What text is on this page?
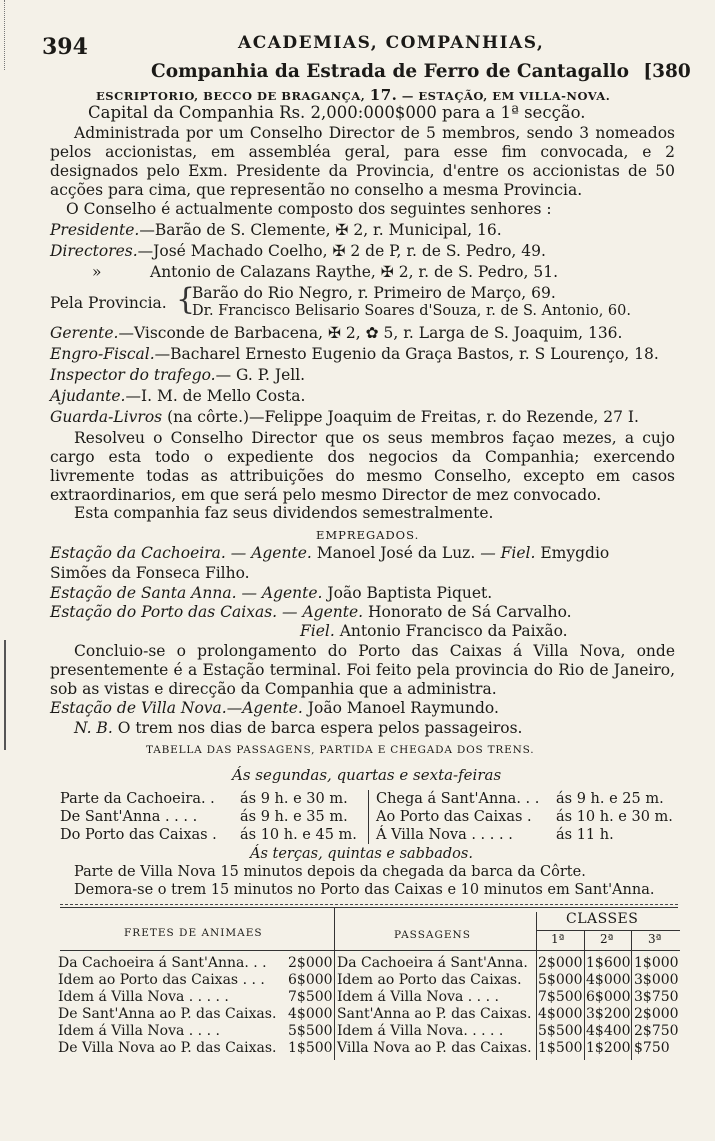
394	ACADEMIAS, COMPANHIAS,
Companhia da Estrada de Ferro de Cantagallo [380
ESCRIPTORIO, BECCO DE BRAGANÇA, 17. — ESTAÇÃO, EM VILLA-NOVA.
Capital da Companhia Rs. 2,000:000$000 para a 1ª secção.
Administrada por um Conselho Director de 5 membros, sendo 3 nomeados pelos accionistas, em assembléa geral, para esse fim convocada, e 2 designados pelo Exm. Presidente da Provincia, d'entre os accionistas de 50 acções para cima, que representão no conselho a mesma Provincia.
O Conselho é actualmente composto dos seguintes senhores :
Presidente.—Barão de S. Clemente, ✠ 2, r. Municipal, 16.
Directores.—José Machado Coelho, ✠ 2 de P, r. de S. Pedro, 49.
»	Antonio de Calazans Raythe, ✠ 2, r. de S. Pedro, 51.
Pela Provincia. {
Barão do Rio Negro, r. Primeiro de Março, 69.
Dr. Francisco Belisario Soares d'Souza, r. de S. Antonio, 60.
Gerente.—Visconde de Barbacena, ✠ 2, ✿ 5, r. Larga de S. Joaquim, 136.
Engro-Fiscal.—Bacharel Ernesto Eugenio da Graça Bastos, r. S Lourenço, 18.
Inspector do trafego.— G. P. Jell.
Ajudante.—I. M. de Mello Costa.
Guarda-Livros (na côrte.)—Felippe Joaquim de Freitas, r. do Rezende, 27 I.
Resolveu o Conselho Director que os seus membros façao mezes, a cujo cargo esta todo o expediente dos negocios da Companhia; exercendo livremente todas as attribuições do mesmo Conselho, excepto em casos extraordinarios, em que será pelo mesmo Director de mez convocado.
Esta companhia faz seus dividendos semestralmente.
EMPREGADOS.
Estação da Cachoeira. — Agente. Manoel José da Luz. — Fiel. Emygdio
Simões da Fonseca Filho.
Estação de Santa Anna. — Agente. João Baptista Piquet.
Estação do Porto das Caixas. — Agente. Honorato de Sá Carvalho.
Fiel. Antonio Francisco da Paixão.
Concluio-se o prolongamento do Porto das Caixas á Villa Nova, onde presentemente é a Estação terminal. Foi feito pela provincia do Rio de Janeiro, sob as vistas e direcção da Companhia que a administra.
Estação de Villa Nova.—Agente. João Manoel Raymundo.
N. B. O trem nos dias de barca espera pelos passageiros.
TABELLA DAS PASSAGENS, PARTIDA E CHEGADA DOS TRENS.
Ás segundas, quartas e sexta-feiras
Parte da Cachoeira. . ás 9 h. e 30 m. Chega á Sant'Anna. . . ás 9 h. e 25 m.
De Sant'Anna . . . .	ás 9 h. e 35 m. Ao Porto das Caixas . ás 10 h. e 30 m.
Do Porto das Caixas . ás 10 h. e 45 m. Á Villa Nova . . . . .	ás 11 h.
Ás terças, quintas e sabbados.
Parte de Villa Nova 15 minutos depois da chegada da barca da Côrte.
Demora-se o trem 15 minutos no Porto das Caixas e 10 minutos em Sant'Anna.
FRETES DE ANIMAES	PASSAGENS
CLASSES
1ª	2ª	3ª
Da Cachoeira á Sant'Anna. . . 2$000 Da Cachoeira á Sant'Anna. 2$000 1$600 1$000
Idem ao Porto das Caixas . . . 6$000 Idem ao Porto das Caixas. 5$000 4$000 3$000
Idem á Villa Nova . . . . .	7$500 Idem á Villa Nova . . . .	7$500 6$000 3$750
De Sant'Anna ao P. das Caixas. 4$000 Sant'Anna ao P. das Caixas. 4$000 3$200 2$000
Idem á Villa Nova . . . .	5$500 Idem á Villa Nova. . . . . 5$500 4$400 2$750
De Villa Nova ao P. das Caixas. 1$500 Villa Nova ao P. das Caixas. 1$500 1$200 $750
